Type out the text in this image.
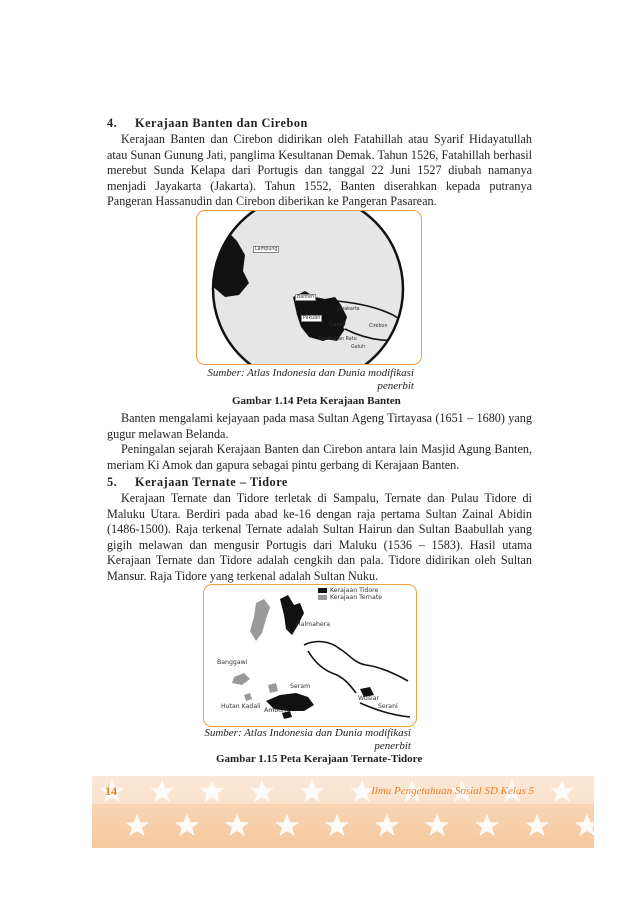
4. Kerajaan Banten dan Cirebon

Kerajaan Banten dan Cirebon didirikan oleh Fatahillah atau Syarif Hidayatullah atau Sunan Gunung Jati, panglima Kesultanan Demak. Tahun 1526, Fatahillah berhasil merebut Sunda Kelapa dari Portugis dan tanggal 22 Juni 1527 diubah namanya menjadi Jayakarta (Jakarta). Tahun 1552, Banten diserahkan kepada putranya Pangeran Hassanudin dan Cirebon diberikan ke Pangeran Pasarean.

Lampung
Banten
Pakuan
Jayakarta
Cianjur	Cirebon
Pelabuhan Ratu
Galuh
Sumber: Atlas Indonesia dan Dunia modifikasi
penerbit
Gambar 1.14 Peta Kerajaan Banten

Banten mengalami kejayaan pada masa Sultan Ageng Tirtayasa (1651 – 1680) yang gugur melawan Belanda.

Peningalan sejarah Kerajaan Banten dan Cirebon antara lain Masjid Agung Banten, meriam Ki Amok dan gapura sebagai pintu gerbang di Kerajaan Banten.

5. Kerajaan Ternate – Tidore

Kerajaan Ternate dan Tidore terletak di Sampalu, Ternate dan Pulau Tidore di Maluku Utara. Berdiri pada abad ke-16 dengan raja pertama Sultan Zainal Abidin (1486-1500). Raja terkenal Ternate adalah Sultan Hairun dan Sultan Baabullah yang gigih melawan dan mengusir Portugis dari Maluku (1536 – 1583). Hasil utama Kerajaan Ternate dan Tidore adalah cengkih dan pala. Tidore didirikan oleh Sultan Mansur. Raja Tidore yang terkenal adalah Sultan Nuku.

Kerajaan Tidore
Kerajaan Ternate
Halmahera
Banggawi
Seram
Hutan Kadali
Ambon
Wusiar
Serani
Sumber: Atlas Indonesia dan Dunia modifikasi
penerbit
Gambar 1.15 Peta Kerajaan Ternate-Tidore
14	Ilmu Pengetahuan Sosial SD Kelas 5
